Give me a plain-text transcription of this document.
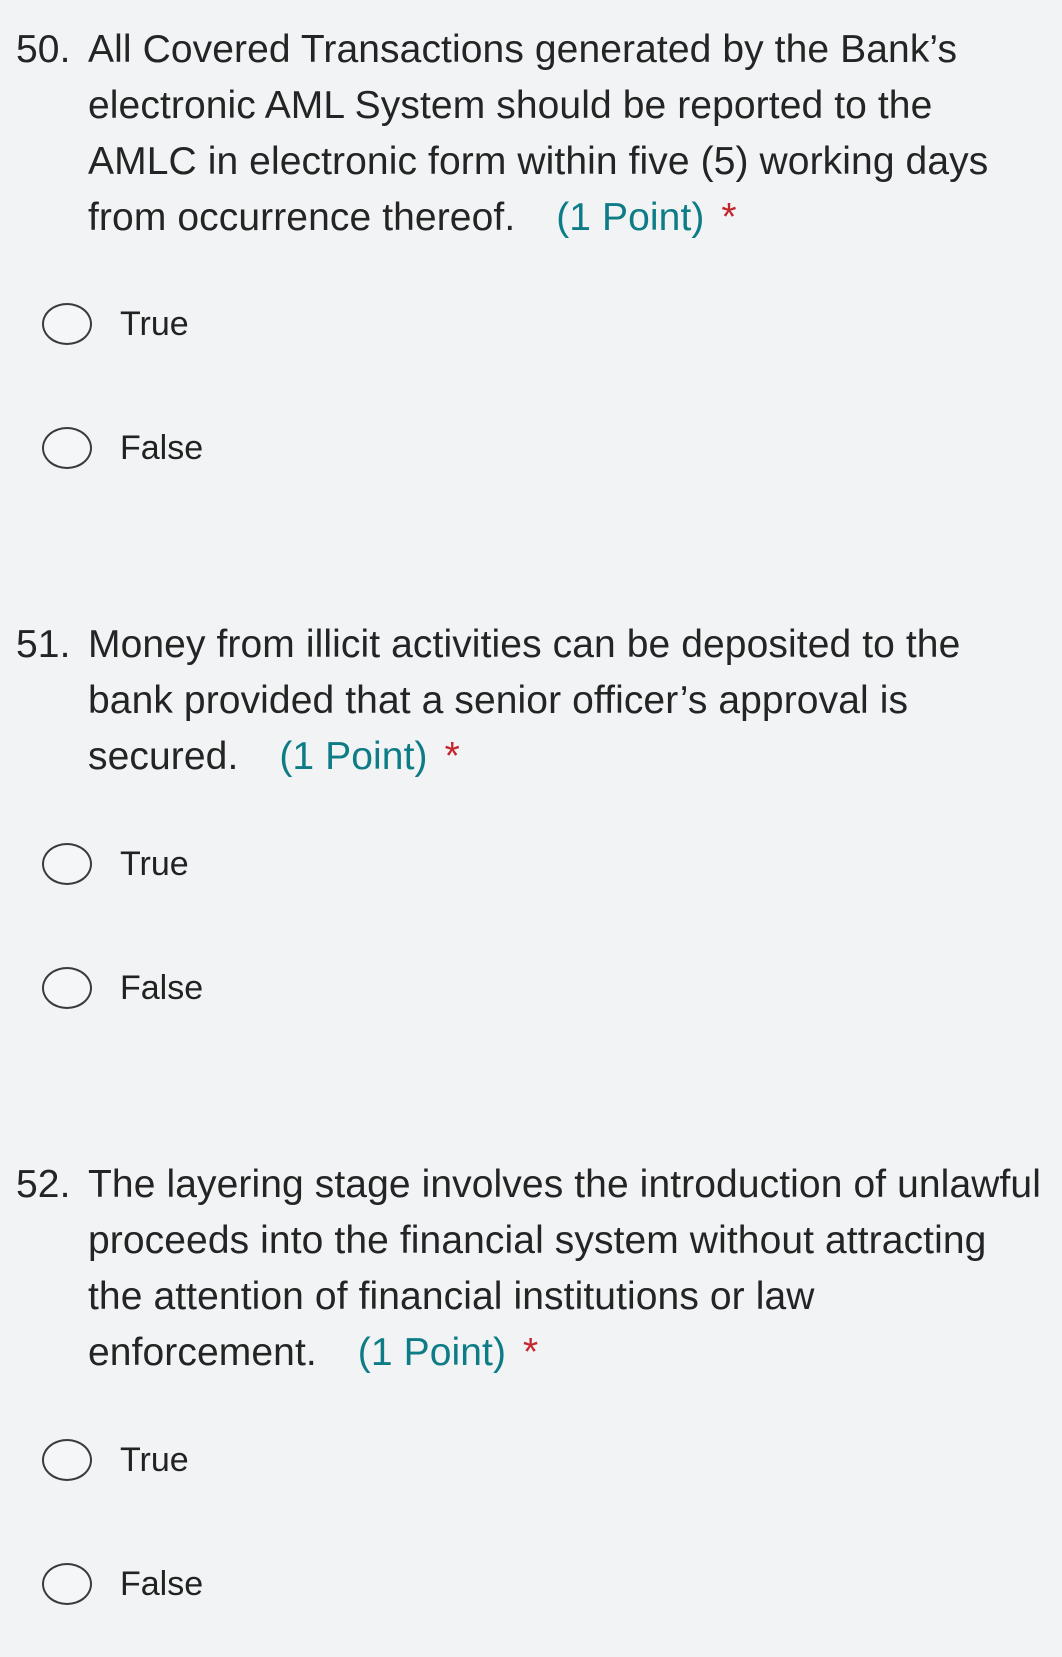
50. All Covered Transactions generated by the Bank’s electronic AML System should be reported to the AMLC in electronic form within five (5) working days from occurrence thereof. (1 Point) *
True
False
51. Money from illicit activities can be deposited to the bank provided that a senior officer’s approval is secured. (1 Point) *
True
False
52. The layering stage involves the introduction of unlawful proceeds into the financial system without attracting the attention of financial institutions or law enforcement. (1 Point) *
True
False
